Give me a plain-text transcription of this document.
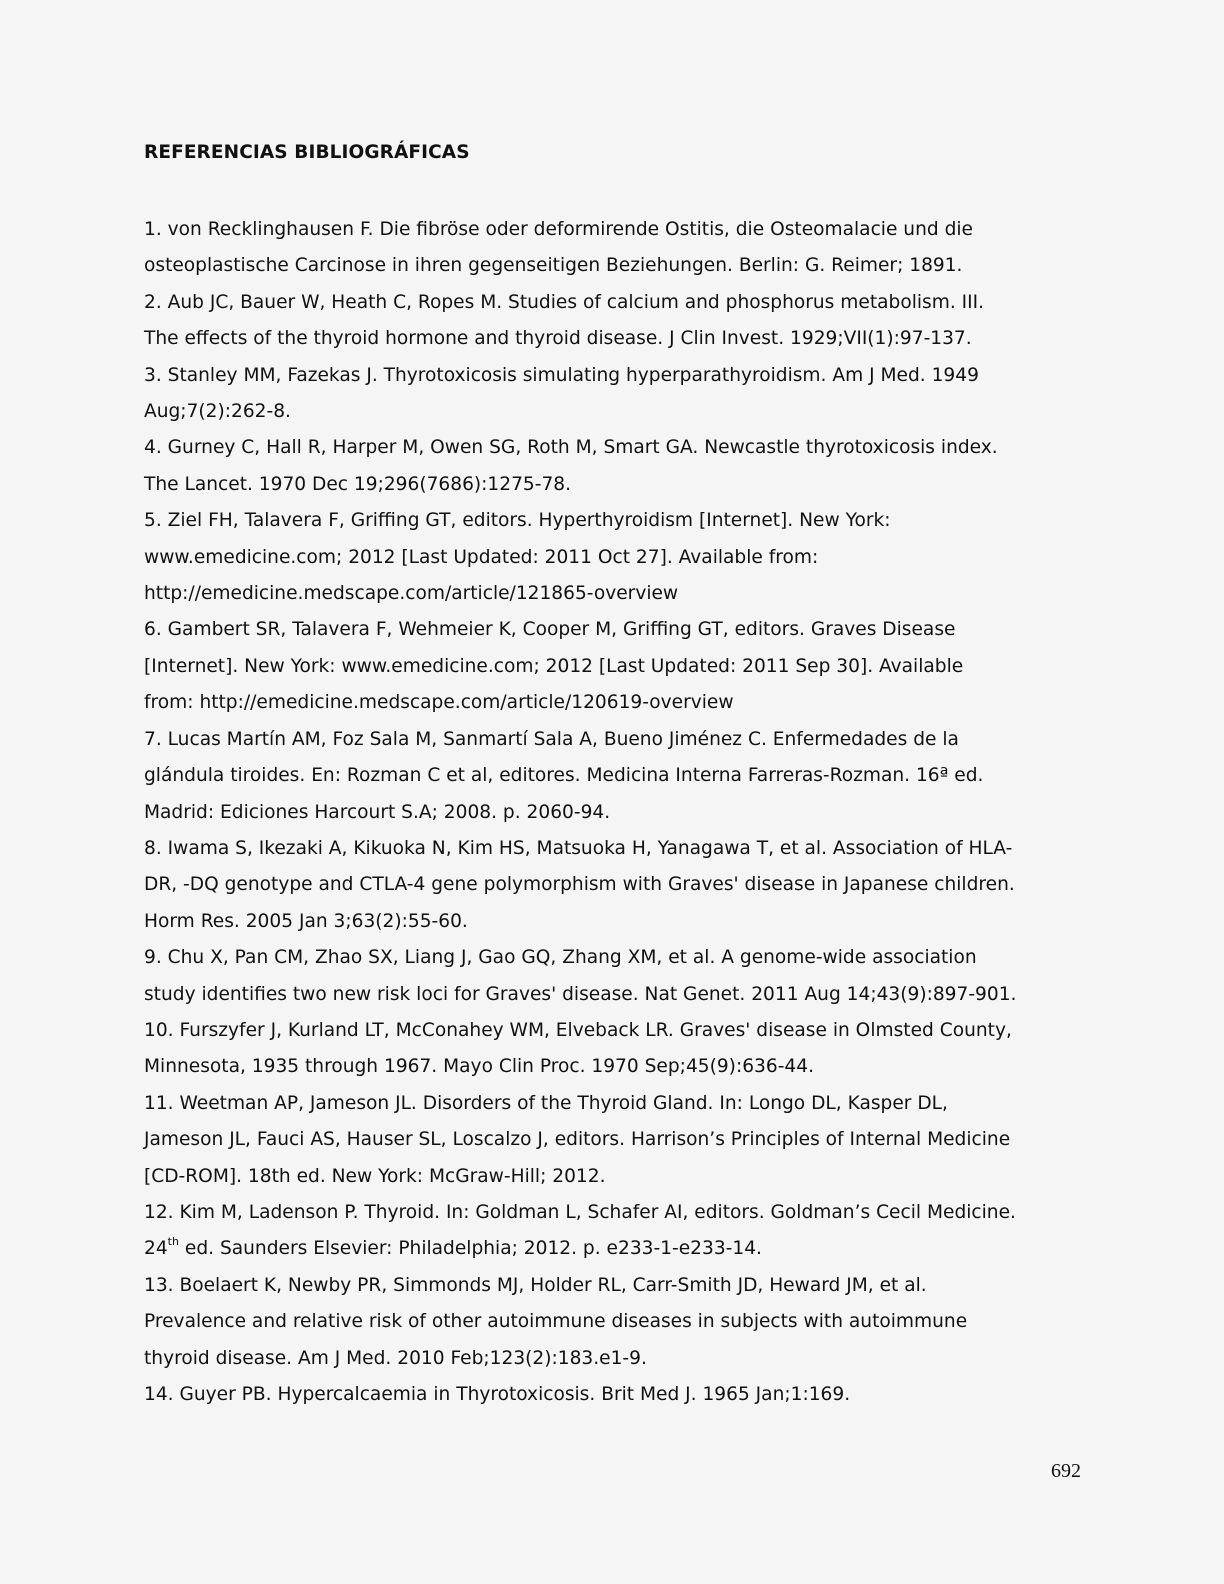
REFERENCIAS BIBLIOGRÁFICAS
1. von Recklinghausen F. Die fibröse oder deformirende Ostitis, die Osteomalacie und die
osteoplastische Carcinose in ihren gegenseitigen Beziehungen. Berlin: G. Reimer; 1891.
2. Aub JC, Bauer W, Heath C, Ropes M. Studies of calcium and phosphorus metabolism. III.
The effects of the thyroid hormone and thyroid disease. J Clin Invest. 1929;VII(1):97-137.
3. Stanley MM, Fazekas J. Thyrotoxicosis simulating hyperparathyroidism. Am J Med. 1949
Aug;7(2):262-8.
4. Gurney C, Hall R, Harper M, Owen SG, Roth M, Smart GA. Newcastle thyrotoxicosis index.
The Lancet. 1970 Dec 19;296(7686):1275-78.
5. Ziel FH, Talavera F, Griffing GT, editors. Hyperthyroidism [Internet]. New York:
www.emedicine.com; 2012 [Last Updated: 2011 Oct 27]. Available from:
http://emedicine.medscape.com/article/121865-overview
6. Gambert SR, Talavera F, Wehmeier K, Cooper M, Griffing GT, editors. Graves Disease
[Internet]. New York: www.emedicine.com; 2012 [Last Updated: 2011 Sep 30]. Available
from: http://emedicine.medscape.com/article/120619-overview
7. Lucas Martín AM, Foz Sala M, Sanmartí Sala A, Bueno Jiménez C. Enfermedades de la
glándula tiroides. En: Rozman C et al, editores. Medicina Interna Farreras-Rozman. 16ª ed.
Madrid: Ediciones Harcourt S.A; 2008. p. 2060-94.
8. Iwama S, Ikezaki A, Kikuoka N, Kim HS, Matsuoka H, Yanagawa T, et al. Association of HLA-
DR, -DQ genotype and CTLA-4 gene polymorphism with Graves' disease in Japanese children.
Horm Res. 2005 Jan 3;63(2):55-60.
9. Chu X, Pan CM, Zhao SX, Liang J, Gao GQ, Zhang XM, et al. A genome-wide association
study identifies two new risk loci for Graves' disease. Nat Genet. 2011 Aug 14;43(9):897-901.
10. Furszyfer J, Kurland LT, McConahey WM, Elveback LR. Graves' disease in Olmsted County,
Minnesota, 1935 through 1967. Mayo Clin Proc. 1970 Sep;45(9):636-44.
11. Weetman AP, Jameson JL. Disorders of the Thyroid Gland. In: Longo DL, Kasper DL,
Jameson JL, Fauci AS, Hauser SL, Loscalzo J, editors. Harrison’s Principles of Internal Medicine
[CD-ROM]. 18th ed. New York: McGraw-Hill; 2012.
12. Kim M, Ladenson P. Thyroid. In: Goldman L, Schafer AI, editors. Goldman’s Cecil Medicine.
24th ed. Saunders Elsevier: Philadelphia; 2012. p. e233-1-e233-14.
13. Boelaert K, Newby PR, Simmonds MJ, Holder RL, Carr-Smith JD, Heward JM, et al.
Prevalence and relative risk of other autoimmune diseases in subjects with autoimmune
thyroid disease. Am J Med. 2010 Feb;123(2):183.e1-9.
14. Guyer PB. Hypercalcaemia in Thyrotoxicosis. Brit Med J. 1965 Jan;1:169.
692
